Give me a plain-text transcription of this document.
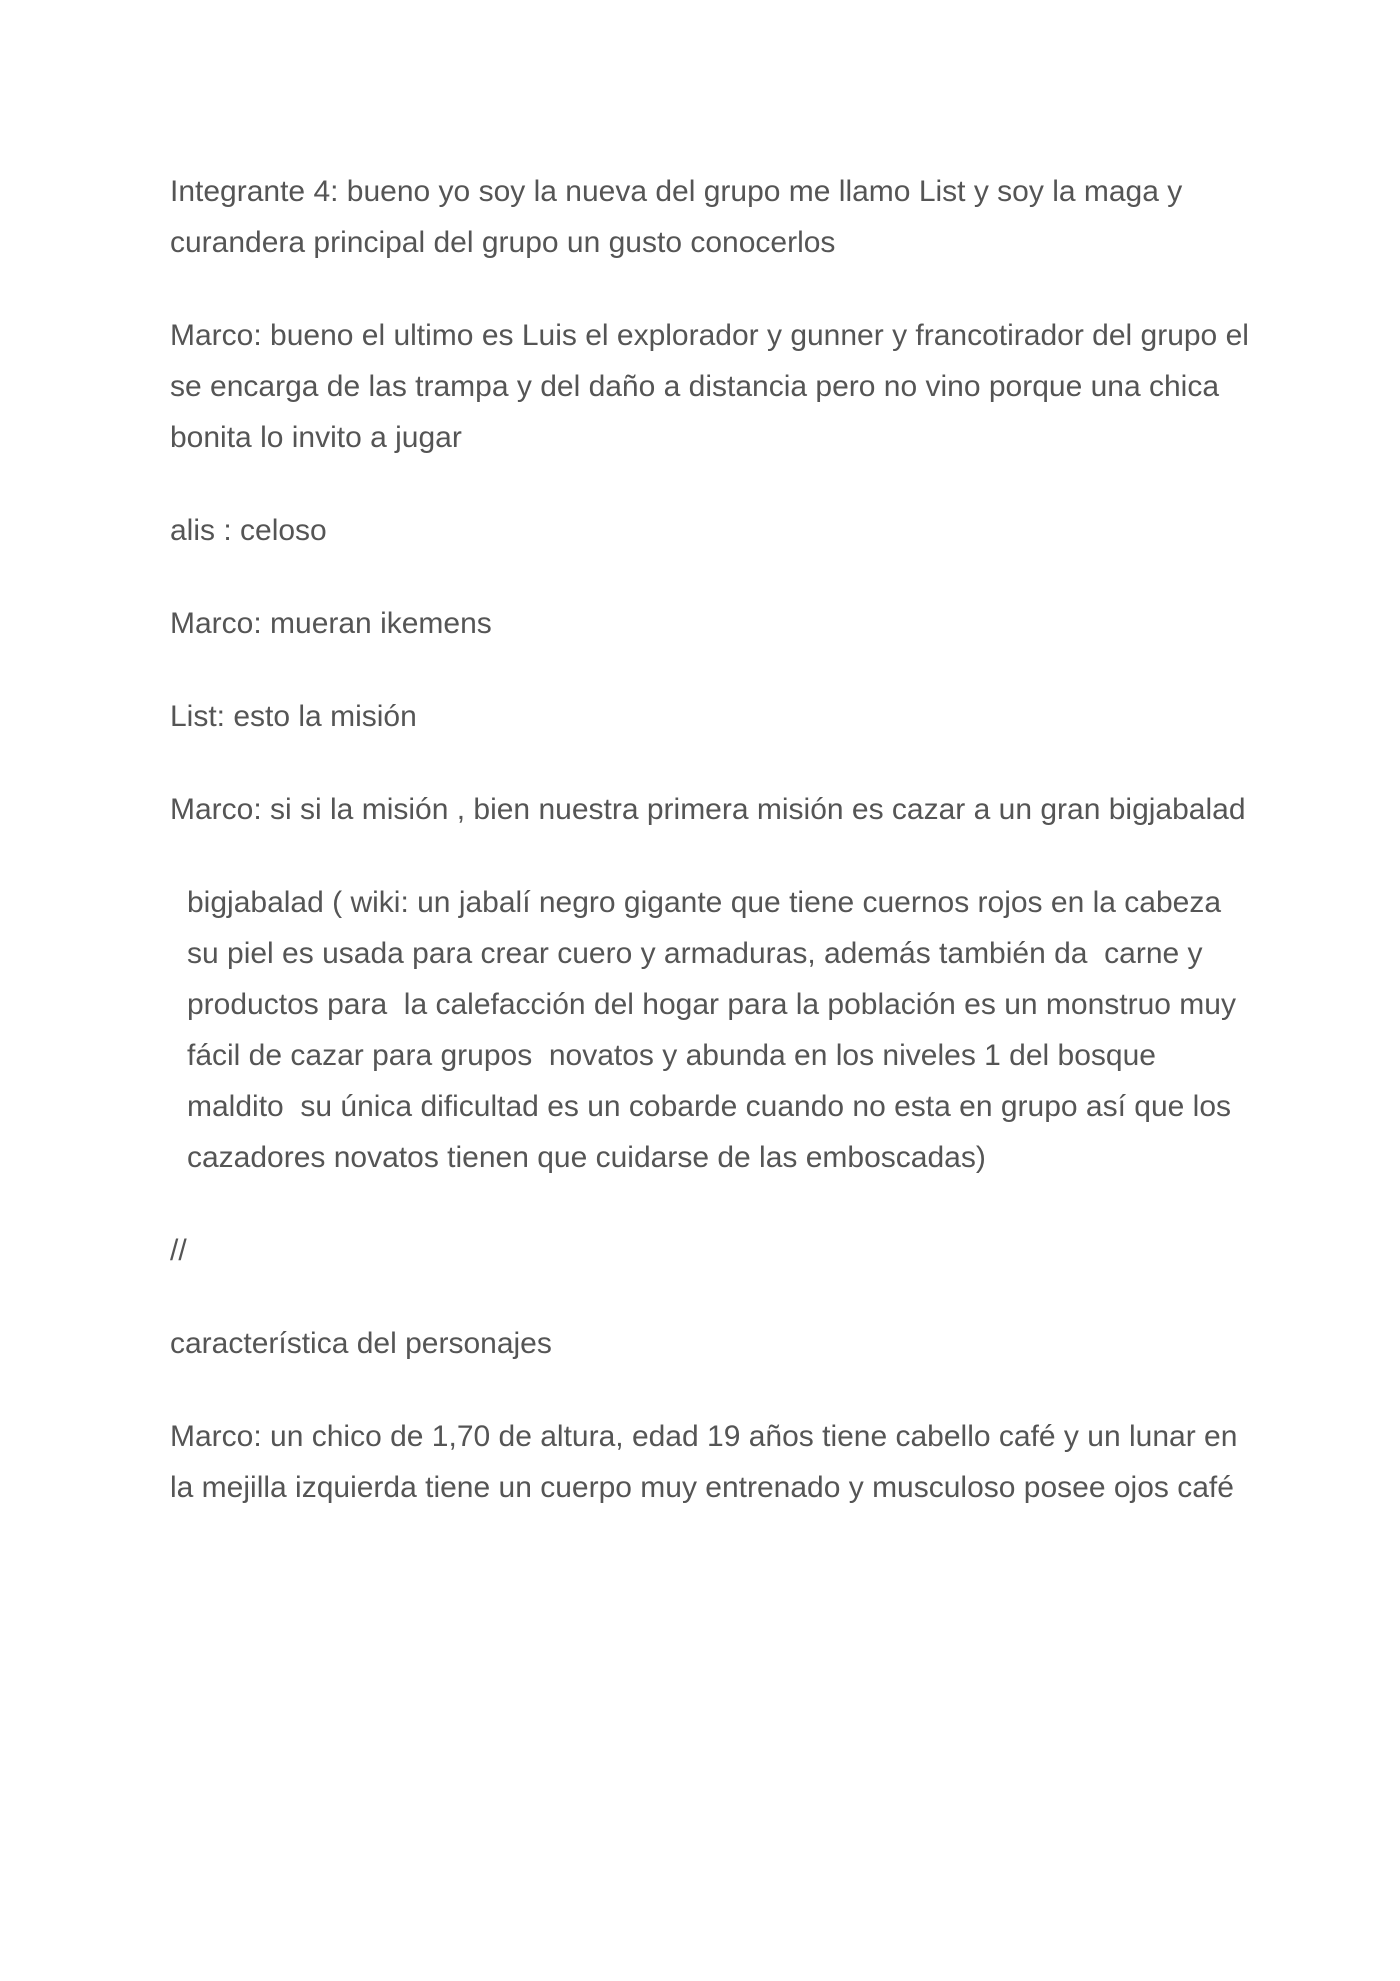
Integrante 4: bueno yo soy la nueva del grupo me llamo List y soy la maga y curandera principal del grupo un gusto conocerlos

Marco: bueno el ultimo es Luis el explorador y gunner y francotirador del grupo el se encarga de las trampa y del daño a distancia pero no vino porque una chica bonita lo invito a jugar

alis : celoso

Marco: mueran ikemens

List: esto la misión

Marco: si si la misión , bien nuestra primera misión es cazar a un gran bigjabalad

bigjabalad ( wiki: un jabalí negro gigante que tiene cuernos rojos en la cabeza su piel es usada para crear cuero y armaduras, además también da  carne y productos para  la calefacción del hogar para la población es un monstruo muy fácil de cazar para grupos  novatos y abunda en los niveles 1 del bosque maldito  su única dificultad es un cobarde cuando no esta en grupo así que los cazadores novatos tienen que cuidarse de las emboscadas)

//

característica del personajes

Marco: un chico de 1,70 de altura, edad 19 años tiene cabello café y un lunar en la mejilla izquierda tiene un cuerpo muy entrenado y musculoso posee ojos café
